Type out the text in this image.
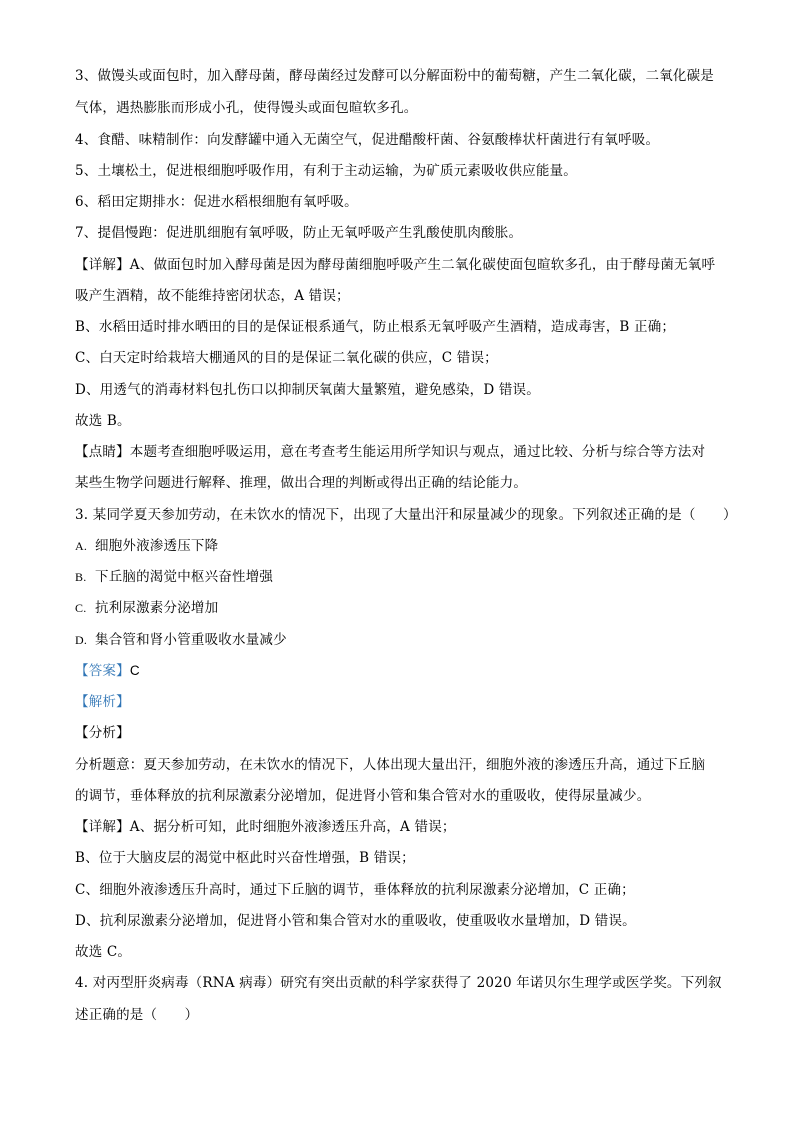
3、做馒头或面包时，加入酵母菌，酵母菌经过发酵可以分解面粉中的葡萄糖，产生二氧化碳，二氧化碳是
气体，遇热膨胀而形成小孔，使得馒头或面包暄软多孔。
4、食醋、味精制作：向发酵罐中通入无菌空气，促进醋酸杆菌、谷氨酸棒状杆菌进行有氧呼吸。
5、土壤松土，促进根细胞呼吸作用，有利于主动运输，为矿质元素吸收供应能量。
6、稻田定期排水：促进水稻根细胞有氧呼吸。
7、提倡慢跑：促进肌细胞有氧呼吸，防止无氧呼吸产生乳酸使肌肉酸胀。
【详解】A、做面包时加入酵母菌是因为酵母菌细胞呼吸产生二氧化碳使面包暄软多孔，由于酵母菌无氧呼
吸产生酒精，故不能维持密闭状态，A 错误；
B、水稻田适时排水晒田的目的是保证根系通气，防止根系无氧呼吸产生酒精，造成毒害，B 正确；
C、白天定时给栽培大棚通风的目的是保证二氧化碳的供应，C 错误；
D、用透气的消毒材料包扎伤口以抑制厌氧菌大量繁殖，避免感染，D 错误。
故选 B。
【点睛】本题考查细胞呼吸运用，意在考查考生能运用所学知识与观点，通过比较、分析与综合等方法对
某些生物学问题进行解释、推理，做出合理的判断或得出正确的结论能力。
3. 某同学夏天参加劳动，在未饮水的情况下，出现了大量出汗和尿量减少的现象。下列叙述正确的是（　　）
A. 细胞外液渗透压下降
B. 下丘脑的渴觉中枢兴奋性增强
C. 抗利尿激素分泌增加
D. 集合管和肾小管重吸收水量减少
【答案】C
【解析】
【分析】
分析题意：夏天参加劳动，在未饮水的情况下，人体出现大量出汗，细胞外液的渗透压升高，通过下丘脑
的调节，垂体释放的抗利尿激素分泌增加，促进肾小管和集合管对水的重吸收，使得尿量减少。
【详解】A、据分析可知，此时细胞外液渗透压升高，A 错误；
B、位于大脑皮层的渴觉中枢此时兴奋性增强，B 错误；
C、细胞外液渗透压升高时，通过下丘脑的调节，垂体释放的抗利尿激素分泌增加，C 正确；
D、抗利尿激素分泌增加，促进肾小管和集合管对水的重吸收，使重吸收水量增加，D 错误。
故选 C。
4. 对丙型肝炎病毒（RNA 病毒）研究有突出贡献的科学家获得了 2020 年诺贝尔生理学或医学奖。下列叙
述正确的是（　　）
